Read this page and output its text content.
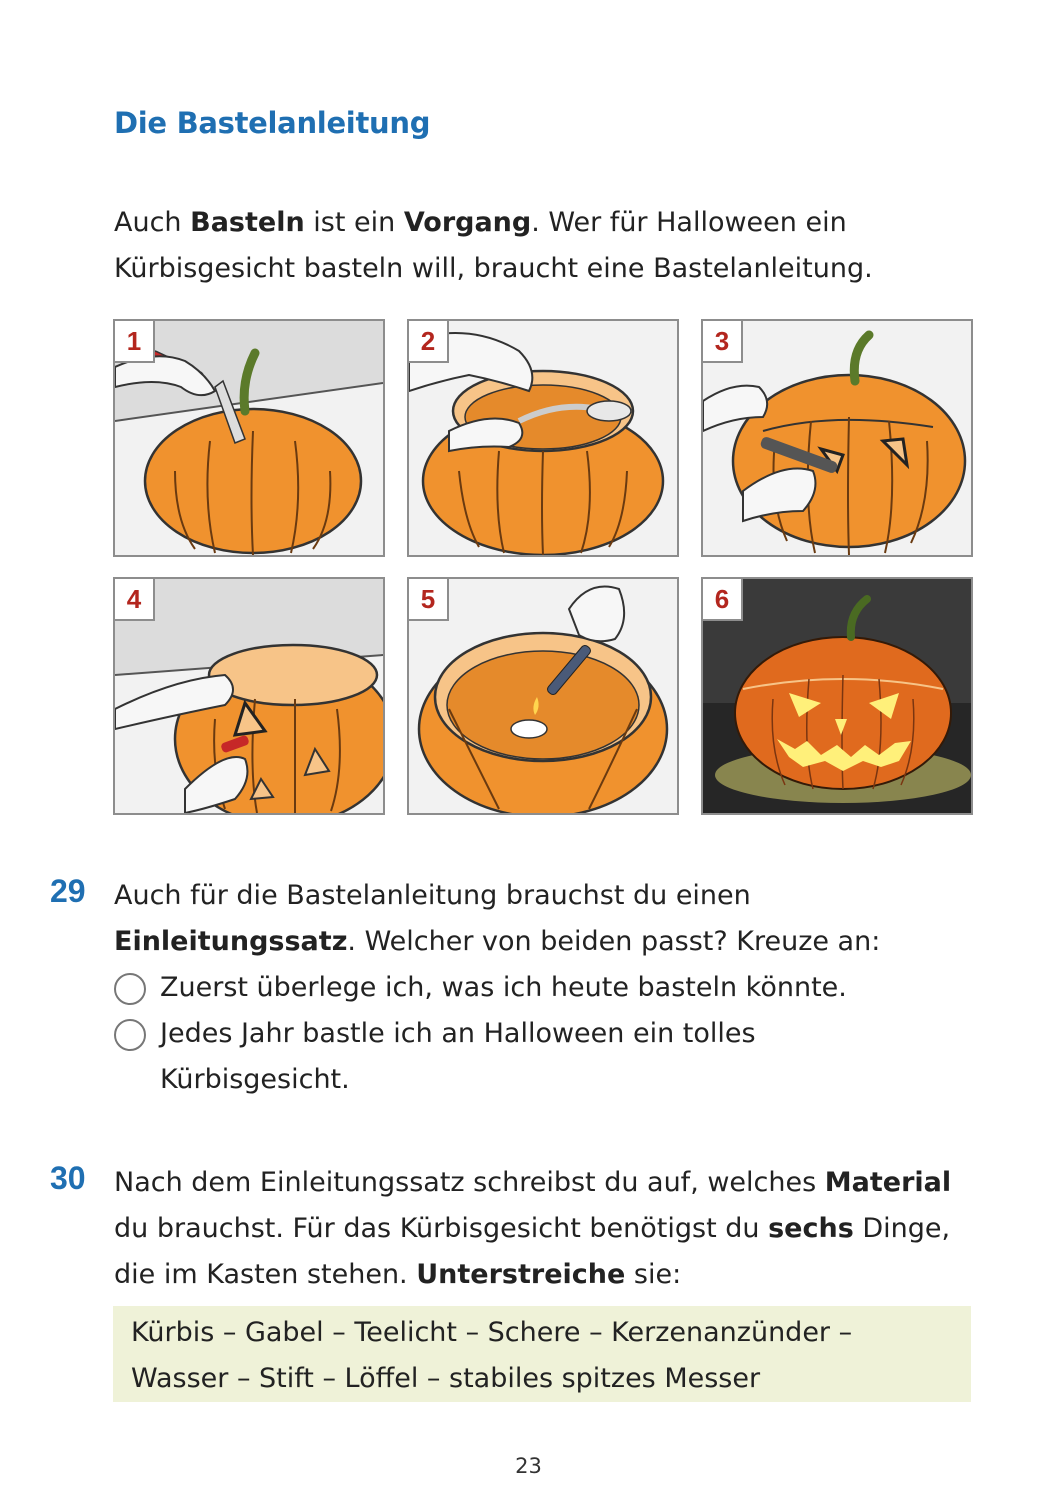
Die Bastelanleitung

Auch Basteln ist ein Vorgang. Wer für Halloween ein Kürbisgesicht basteln will, braucht eine Bastelanleitung.

1	2	3
4	5	6
29 Auch für die Bastelanleitung brauchst du einen Einleitungssatz. Welcher von beiden passt? Kreuze an:
Zuerst überlege ich, was ich heute basteln könnte.
Jedes Jahr bastle ich an Halloween ein tolles Kürbisgesicht.
30 Nach dem Einleitungssatz schreibst du auf, welches Material du brauchst. Für das Kürbisgesicht benötigst du sechs Dinge, die im Kasten stehen. Unterstreiche sie:
Kürbis – Gabel – Teelicht – Schere – Kerzenanzünder –
Wasser – Stift – Löffel – stabiles spitzes Messer
23
